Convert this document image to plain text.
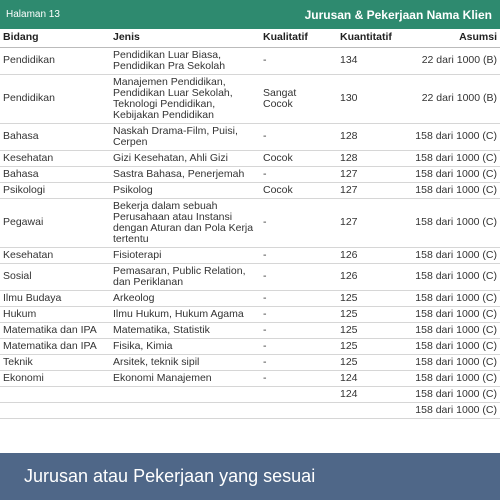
Halaman 13	Jurusan & Pekerjaan Nama Klien
Bidang	Jenis	Kualitatif	Kuantitatif	Asumsi
Pendidikan	Pendidikan Luar Biasa, Pendidikan Pra Sekolah	-	134	22 dari 1000 (B)
Pendidikan	Manajemen Pendidikan, Pendidikan Luar Sekolah, Teknologi Pendidikan, Kebijakan Pendidikan	Sangat Cocok	130	22 dari 1000 (B)
Bahasa	Naskah Drama-Film, Puisi, Cerpen	-	128	158 dari 1000 (C)
Kesehatan	Gizi Kesehatan, Ahli Gizi	Cocok	128	158 dari 1000 (C)
Bahasa	Sastra Bahasa, Penerjemah	-	127	158 dari 1000 (C)
Psikologi	Psikolog	Cocok	127	158 dari 1000 (C)
Pegawai	Bekerja dalam sebuah Perusahaan atau Instansi dengan Aturan dan Pola Kerja tertentu	-	127	158 dari 1000 (C)
Kesehatan	Fisioterapi	-	126	158 dari 1000 (C)
Sosial	Pemasaran, Public Relation, dan Periklanan	-	126	158 dari 1000 (C)
Ilmu Budaya	Arkeolog	-	125	158 dari 1000 (C)
Hukum	Ilmu Hukum, Hukum Agama	-	125	158 dari 1000 (C)
Matematika dan IPA	Matematika, Statistik	-	125	158 dari 1000 (C)
Matematika dan IPA	Fisika, Kimia	-	125	158 dari 1000 (C)
Teknik	Arsitek, teknik sipil	-	125	158 dari 1000 (C)
Ekonomi	Ekonomi Manajemen	-	124	158 dari 1000 (C)
			124	158 dari 1000 (C)
				158 dari 1000 (C)
Jurusan atau Pekerjaan yang sesuai
